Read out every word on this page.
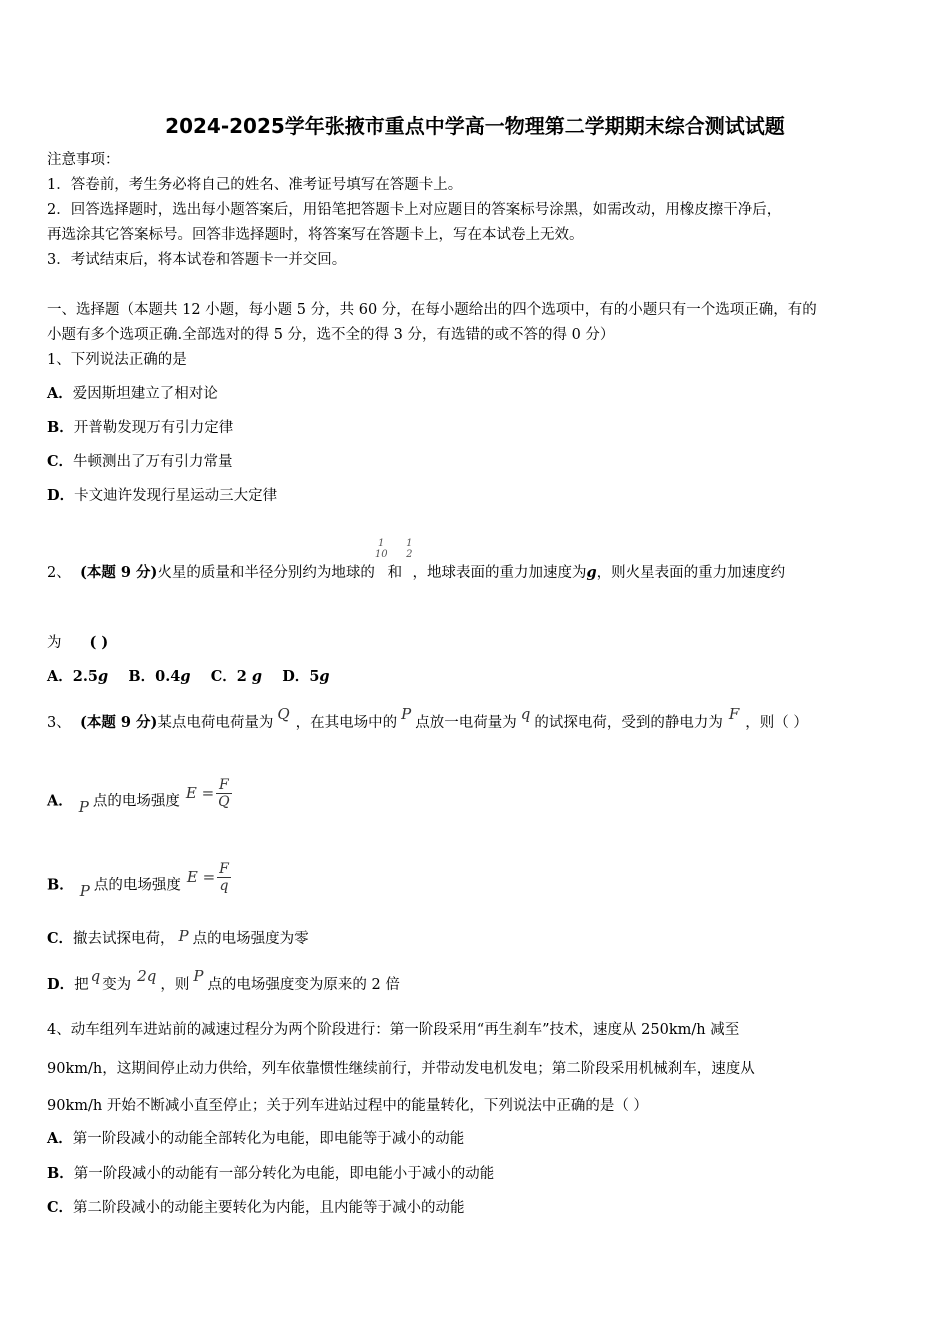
2024-2025学年张掖市重点中学高一物理第二学期期末综合测试试题
注意事项：
1．答卷前，考生务必将自己的姓名、准考证号填写在答题卡上。
2．回答选择题时，选出每小题答案后，用铅笔把答题卡上对应题目的答案标号涂黑，如需改动，用橡皮擦干净后，
再选涂其它答案标号。回答非选择题时，将答案写在答题卡上，写在本试卷上无效。
3．考试结束后，将本试卷和答题卡一并交回。
一、选择题（本题共 12 小题，每小题 5 分，共 60 分，在每小题给出的四个选项中，有的小题只有一个选项正确，有的
小题有多个选项正确.全部选对的得 5 分，选不全的得 3 分，有选错的或不答的得 0 分）
1、下列说法正确的是
A．爱因斯坦建立了相对论
B．开普勒发现万有引力定律
C．牛顿测出了万有引力常量
D．卡文迪许发现行星运动三大定律
2、 (本题 9 分)火星的质量和半径分别约为地球的
1
10
和
1
2
，地球表面的重力加速度为g，则火星表面的重力加速度约
为 ( )
A．2.5g B．0.4g C．2 g D．5g
3、 (本题 9 分)某点电荷电荷量为 Q ，在其电场中的 P 点放一电荷量为 q 的试探电荷，受到的静电力为 F ，则（ ）
A． P 点的电场强度 $E = \frac{F}{Q}$
B． P 点的电场强度 $E = \frac{F}{q}$
C．撤去试探电荷， P 点的电场强度为零
D．把 q 变为 2q ，则 P 点的电场强度变为原来的 2 倍
4、动车组列车进站前的减速过程分为两个阶段进行：第一阶段采用“再生刹车”技术，速度从 250km/h 减至
90km/h，这期间停止动力供给，列车依靠惯性继续前行，并带动发电机发电；第二阶段采用机械刹车，速度从
90km/h 开始不断减小直至停止；关于列车进站过程中的能量转化，下列说法中正确的是（ ）
A．第一阶段减小的动能全部转化为电能，即电能等于减小的动能
B．第一阶段减小的动能有一部分转化为电能，即电能小于减小的动能
C．第二阶段减小的动能主要转化为内能，且内能等于减小的动能
